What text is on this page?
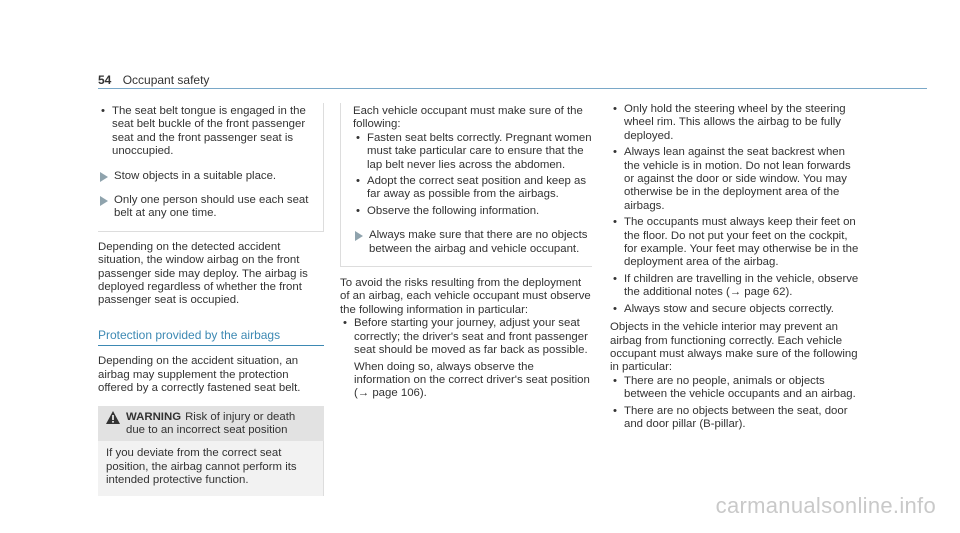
54 Occupant safety
• The seat belt tongue is engaged in the seat belt buckle of the front passenger seat and the front passenger seat is unoccupied.
Stow objects in a suitable place.
Only one person should use each seat belt at any one time.

Depending on the detected accident situation, the window airbag on the front passenger side may deploy. The airbag is deployed regardless of whether the front passenger seat is occupied.

Protection provided by the airbags

Depending on the accident situation, an airbag may supplement the protection offered by a correctly fastened seat belt.

WARNING Risk of injury or death due to an incorrect seat position
If you deviate from the correct seat position, the airbag cannot perform its intended protective function.

Each vehicle occupant must make sure of the following:

• Fasten seat belts correctly. Pregnant women must take particular care to ensure that the lap belt never lies across the abdomen.
• Adopt the correct seat position and keep as far away as possible from the airbags.
• Observe the following information.
Always make sure that there are no objects between the airbag and vehicle occupant.

To avoid the risks resulting from the deployment of an airbag, each vehicle occupant must observe the following information in particular:

• Before starting your journey, adjust your seat correctly; the driver's seat and front passenger seat should be moved as far back as possible.

When doing so, always observe the information on the correct driver's seat position (→ page 106).

• Only hold the steering wheel by the steering wheel rim. This allows the airbag to be fully deployed.
• Always lean against the seat backrest when the vehicle is in motion. Do not lean forwards or against the door or side window. You may otherwise be in the deployment area of the airbags.
• The occupants must always keep their feet on the floor. Do not put your feet on the cockpit, for example. Your feet may otherwise be in the deployment area of the airbag.
• If children are travelling in the vehicle, observe the additional notes (→ page 62).
• Always stow and secure objects correctly.

Objects in the vehicle interior may prevent an airbag from functioning correctly. Each vehicle occupant must always make sure of the following in particular:

• There are no people, animals or objects between the vehicle occupants and an airbag.
• There are no objects between the seat, door and door pillar (B-pillar).
carmanualsonline.info
